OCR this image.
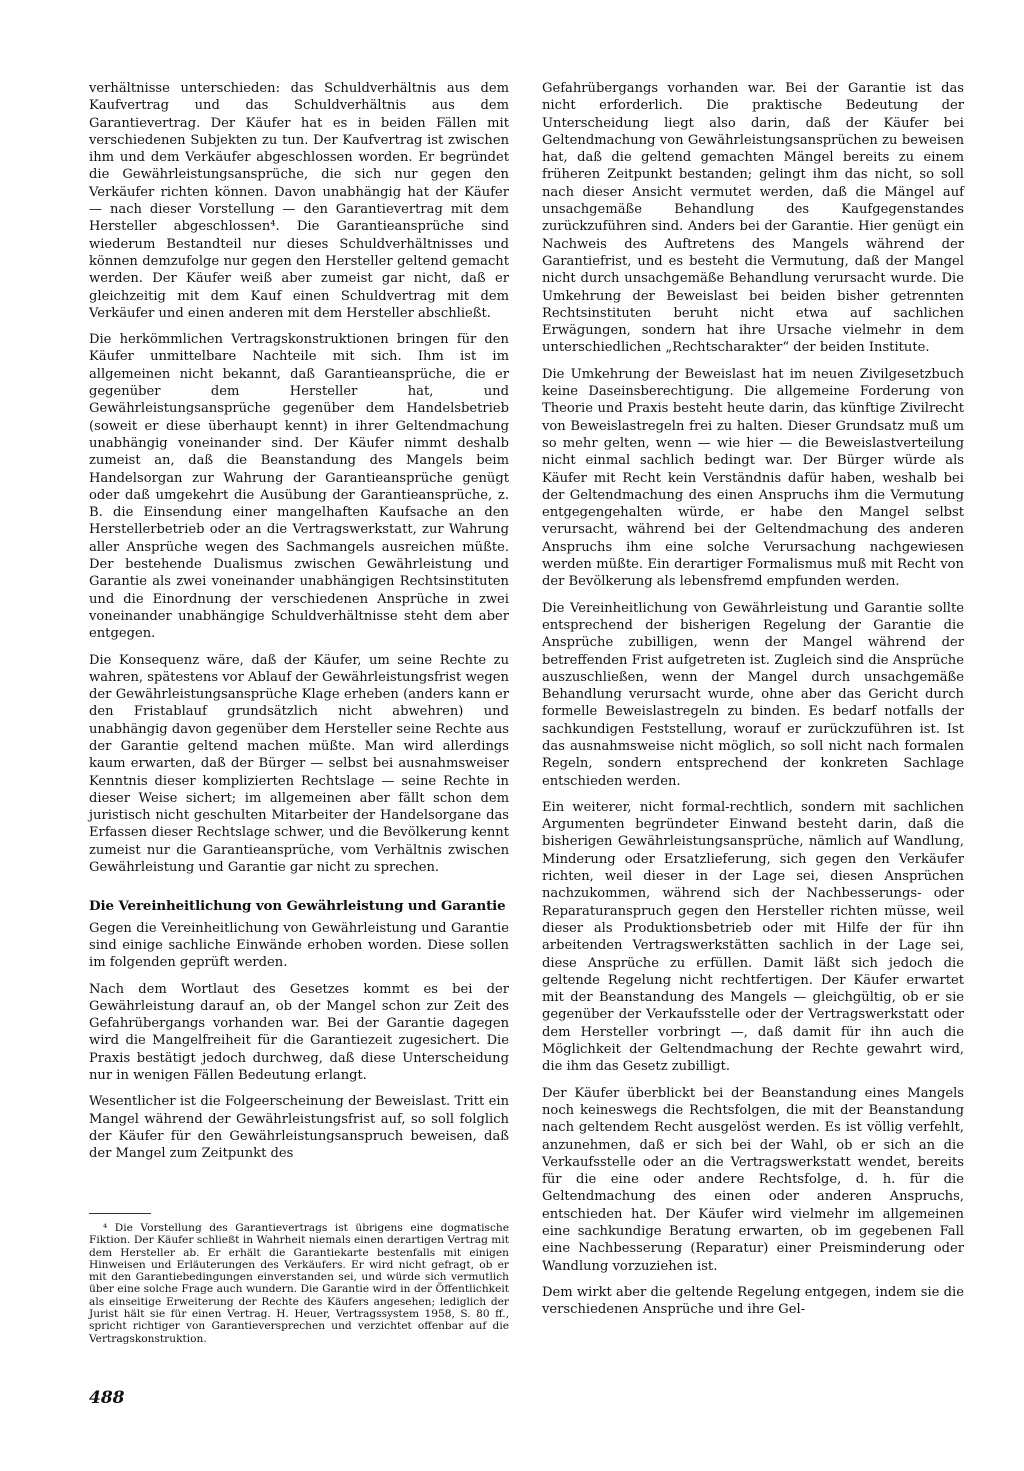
verhältnisse unterschieden: das Schuldverhältnis aus dem Kaufvertrag und das Schuldverhältnis aus dem Garantievertrag. Der Käufer hat es in beiden Fällen mit verschiedenen Subjekten zu tun. Der Kaufvertrag ist zwischen ihm und dem Verkäufer abgeschlossen worden. Er begründet die Gewährleistungsansprüche, die sich nur gegen den Verkäufer richten können. Davon unabhängig hat der Käufer — nach dieser Vorstellung — den Garantievertrag mit dem Hersteller abgeschlossen⁴. Die Garantieansprüche sind wiederum Bestandteil nur dieses Schuldverhältnisses und können demzufolge nur gegen den Hersteller geltend gemacht werden. Der Käufer weiß aber zumeist gar nicht, daß er gleichzeitig mit dem Kauf einen Schuldvertrag mit dem Verkäufer und einen anderen mit dem Hersteller abschließt.

Die herkömmlichen Vertragskonstruktionen bringen für den Käufer unmittelbare Nachteile mit sich. Ihm ist im allgemeinen nicht bekannt, daß Garantieansprüche, die er gegenüber dem Hersteller hat, und Gewährleistungsansprüche gegenüber dem Handelsbetrieb (soweit er diese überhaupt kennt) in ihrer Geltendmachung unabhängig voneinander sind. Der Käufer nimmt deshalb zumeist an, daß die Beanstandung des Mangels beim Handelsorgan zur Wahrung der Garantieansprüche genügt oder daß umgekehrt die Ausübung der Garantieansprüche, z. B. die Einsendung einer mangelhaften Kaufsache an den Herstellerbetrieb oder an die Vertragswerkstatt, zur Wahrung aller Ansprüche wegen des Sachmangels ausreichen müßte. Der bestehende Dualismus zwischen Gewährleistung und Garantie als zwei voneinander unabhängigen Rechtsinstituten und die Einordnung der verschiedenen Ansprüche in zwei voneinander unabhängige Schuldverhältnisse steht dem aber entgegen.

Die Konsequenz wäre, daß der Käufer, um seine Rechte zu wahren, spätestens vor Ablauf der Gewährleistungsfrist wegen der Gewährleistungsansprüche Klage erheben (anders kann er den Fristablauf grundsätzlich nicht abwehren) und unabhängig davon gegenüber dem Hersteller seine Rechte aus der Garantie geltend machen müßte. Man wird allerdings kaum erwarten, daß der Bürger — selbst bei ausnahmsweiser Kenntnis dieser komplizierten Rechtslage — seine Rechte in dieser Weise sichert; im allgemeinen aber fällt schon dem juristisch nicht geschulten Mitarbeiter der Handelsorgane das Erfassen dieser Rechtslage schwer, und die Bevölkerung kennt zumeist nur die Garantieansprüche, vom Verhältnis zwischen Gewährleistung und Garantie gar nicht zu sprechen.

Die Vereinheitlichung von Gewährleistung und Garantie

Gegen die Vereinheitlichung von Gewährleistung und Garantie sind einige sachliche Einwände erhoben worden. Diese sollen im folgenden geprüft werden.

Nach dem Wortlaut des Gesetzes kommt es bei der Gewährleistung darauf an, ob der Mangel schon zur Zeit des Gefahrübergangs vorhanden war. Bei der Garantie dagegen wird die Mangelfreiheit für die Garantiezeit zugesichert. Die Praxis bestätigt jedoch durchweg, daß diese Unterscheidung nur in wenigen Fällen Bedeutung erlangt.

Wesentlicher ist die Folgeerscheinung der Beweislast. Tritt ein Mangel während der Gewährleistungsfrist auf, so soll folglich der Käufer für den Gewährleistungsanspruch beweisen, daß der Mangel zum Zeitpunkt des

Gefahrübergangs vorhanden war. Bei der Garantie ist das nicht erforderlich. Die praktische Bedeutung der Unterscheidung liegt also darin, daß der Käufer bei Geltendmachung von Gewährleistungsansprüchen zu beweisen hat, daß die geltend gemachten Mängel bereits zu einem früheren Zeitpunkt bestanden; gelingt ihm das nicht, so soll nach dieser Ansicht vermutet werden, daß die Mängel auf unsachgemäße Behandlung des Kaufgegenstandes zurückzuführen sind. Anders bei der Garantie. Hier genügt ein Nachweis des Auftretens des Mangels während der Garantiefrist, und es besteht die Vermutung, daß der Mangel nicht durch unsachgemäße Behandlung verursacht wurde. Die Umkehrung der Beweislast bei beiden bisher getrennten Rechtsinstituten beruht nicht etwa auf sachlichen Erwägungen, sondern hat ihre Ursache vielmehr in dem unterschiedlichen „Rechtscharakter“ der beiden Institute.

Die Umkehrung der Beweislast hat im neuen Zivilgesetzbuch keine Daseinsberechtigung. Die allgemeine Forderung von Theorie und Praxis besteht heute darin, das künftige Zivilrecht von Beweislastregeln frei zu halten. Dieser Grundsatz muß um so mehr gelten, wenn — wie hier — die Beweislastverteilung nicht einmal sachlich bedingt war. Der Bürger würde als Käufer mit Recht kein Verständnis dafür haben, weshalb bei der Geltendmachung des einen Anspruchs ihm die Vermutung entgegengehalten würde, er habe den Mangel selbst verursacht, während bei der Geltendmachung des anderen Anspruchs ihm eine solche Verursachung nachgewiesen werden müßte. Ein derartiger Formalismus muß mit Recht von der Bevölkerung als lebensfremd empfunden werden.

Die Vereinheitlichung von Gewährleistung und Garantie sollte entsprechend der bisherigen Regelung der Garantie die Ansprüche zubilligen, wenn der Mangel während der betreffenden Frist aufgetreten ist. Zugleich sind die Ansprüche auszuschließen, wenn der Mangel durch unsachgemäße Behandlung verursacht wurde, ohne aber das Gericht durch formelle Beweislastregeln zu binden. Es bedarf notfalls der sachkundigen Feststellung, worauf er zurückzuführen ist. Ist das ausnahmsweise nicht möglich, so soll nicht nach formalen Regeln, sondern entsprechend der konkreten Sachlage entschieden werden.

Ein weiterer, nicht formal-rechtlich, sondern mit sachlichen Argumenten begründeter Einwand besteht darin, daß die bisherigen Gewährleistungsansprüche, nämlich auf Wandlung, Minderung oder Ersatzlieferung, sich gegen den Verkäufer richten, weil dieser in der Lage sei, diesen Ansprüchen nachzukommen, während sich der Nachbesserungs- oder Reparaturanspruch gegen den Hersteller richten müsse, weil dieser als Produktionsbetrieb oder mit Hilfe der für ihn arbeitenden Vertragswerkstätten sachlich in der Lage sei, diese Ansprüche zu erfüllen. Damit läßt sich jedoch die geltende Regelung nicht rechtfertigen. Der Käufer erwartet mit der Beanstandung des Mangels — gleichgültig, ob er sie gegenüber der Verkaufsstelle oder der Vertragswerkstatt oder dem Hersteller vorbringt —, daß damit für ihn auch die Möglichkeit der Geltendmachung der Rechte gewahrt wird, die ihm das Gesetz zubilligt.

Der Käufer überblickt bei der Beanstandung eines Mangels noch keineswegs die Rechtsfolgen, die mit der Beanstandung nach geltendem Recht ausgelöst werden. Es ist völlig verfehlt, anzunehmen, daß er sich bei der Wahl, ob er sich an die Verkaufsstelle oder an die Vertragswerkstatt wendet, bereits für die eine oder andere Rechtsfolge, d. h. für die Geltendmachung des einen oder anderen Anspruchs, entschieden hat. Der Käufer wird vielmehr im allgemeinen eine sachkundige Beratung erwarten, ob im gegebenen Fall eine Nachbesserung (Reparatur) einer Preisminderung oder Wandlung vorzuziehen ist.

Dem wirkt aber die geltende Regelung entgegen, indem sie die verschiedenen Ansprüche und ihre Gel-

⁴ Die Vorstellung des Garantievertrags ist übrigens eine dogmatische Fiktion. Der Käufer schließt in Wahrheit niemals einen derartigen Vertrag mit dem Hersteller ab. Er erhält die Garantiekarte bestenfalls mit einigen Hinweisen und Erläuterungen des Verkäufers. Er wird nicht gefragt, ob er mit den Garantiebedingungen einverstanden sei, und würde sich vermutlich über eine solche Frage auch wundern. Die Garantie wird in der Öffentlichkeit als einseitige Erweiterung der Rechte des Käufers angesehen; lediglich der Jurist hält sie für einen Vertrag. H. Heuer, Vertragssystem 1958, S. 80 ff., spricht richtiger von Garantieversprechen und verzichtet offenbar auf die Vertragskonstruktion.

488
